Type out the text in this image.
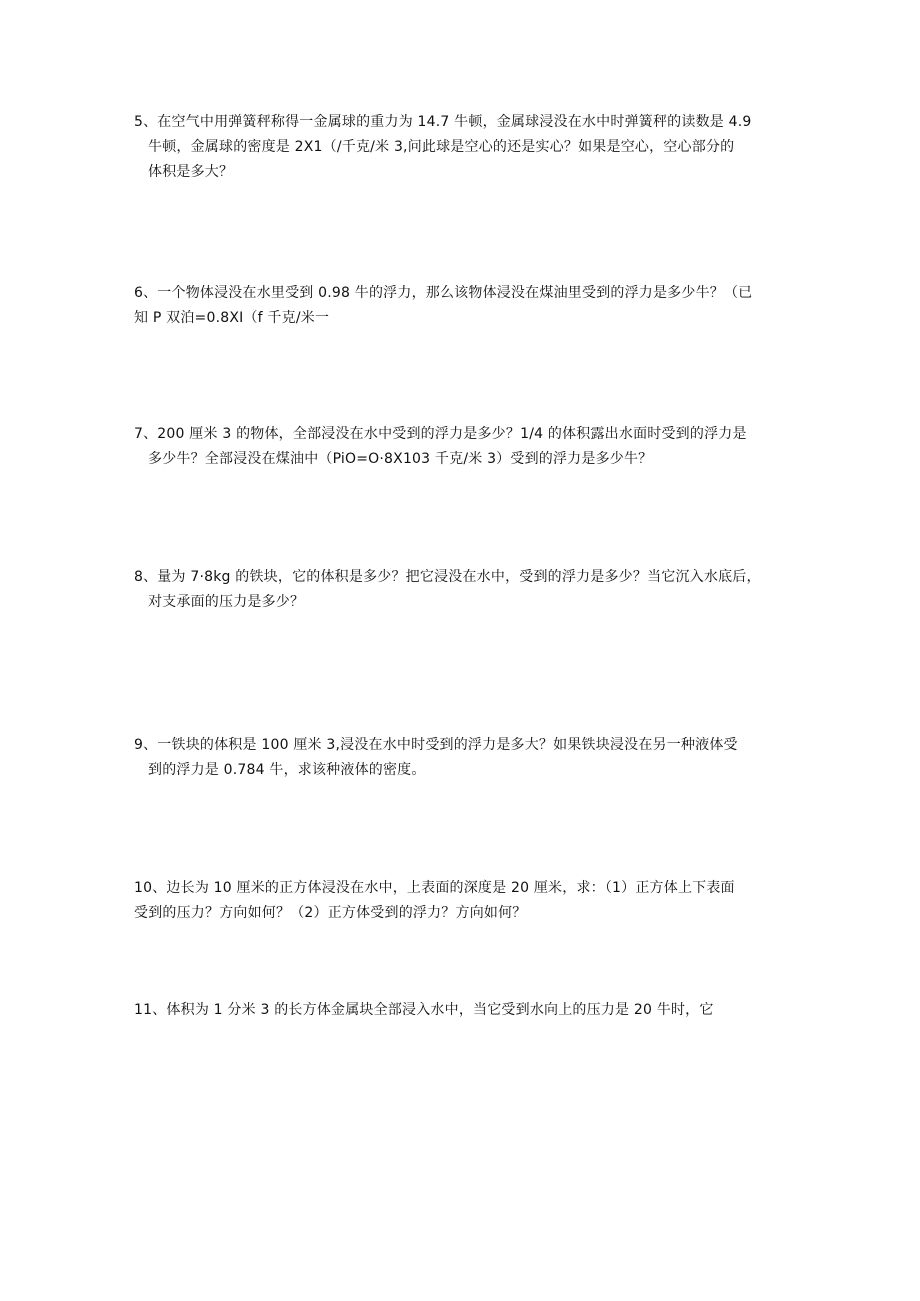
5、在空气中用弹簧秤称得一金属球的重力为 14.7 牛顿，金属球浸没在水中时弹簧秤的读数是 4.9
牛顿，金属球的密度是 2X1（/千克/米 3,问此球是空心的还是实心？如果是空心，空心部分的
体积是多大？
6、一个物体浸没在水里受到 0.98 牛的浮力，那么该物体浸没在煤油里受到的浮力是多少牛？（已
知 P 双泊=0.8XI（f 千克/米一
7、200 厘米 3 的物体，全部浸没在水中受到的浮力是多少？1/4 的体积露出水面时受到的浮力是
多少牛？全部浸没在煤油中（PiO=O·8X103 千克/米 3）受到的浮力是多少牛？
8、量为 7·8kg 的铁块，它的体积是多少？把它浸没在水中，受到的浮力是多少？当它沉入水底后，
对支承面的压力是多少？
9、一铁块的体积是 100 厘米 3,浸没在水中时受到的浮力是多大？如果铁块浸没在另一种液体受
到的浮力是 0.784 牛，求该种液体的密度。
10、边长为 10 厘米的正方体浸没在水中，上表面的深度是 20 厘米，求：（1）正方体上下表面
受到的压力？方向如何？（2）正方体受到的浮力？方向如何？
11、体积为 1 分米 3 的长方体金属块全部浸入水中，当它受到水向上的压力是 20 牛时，它
